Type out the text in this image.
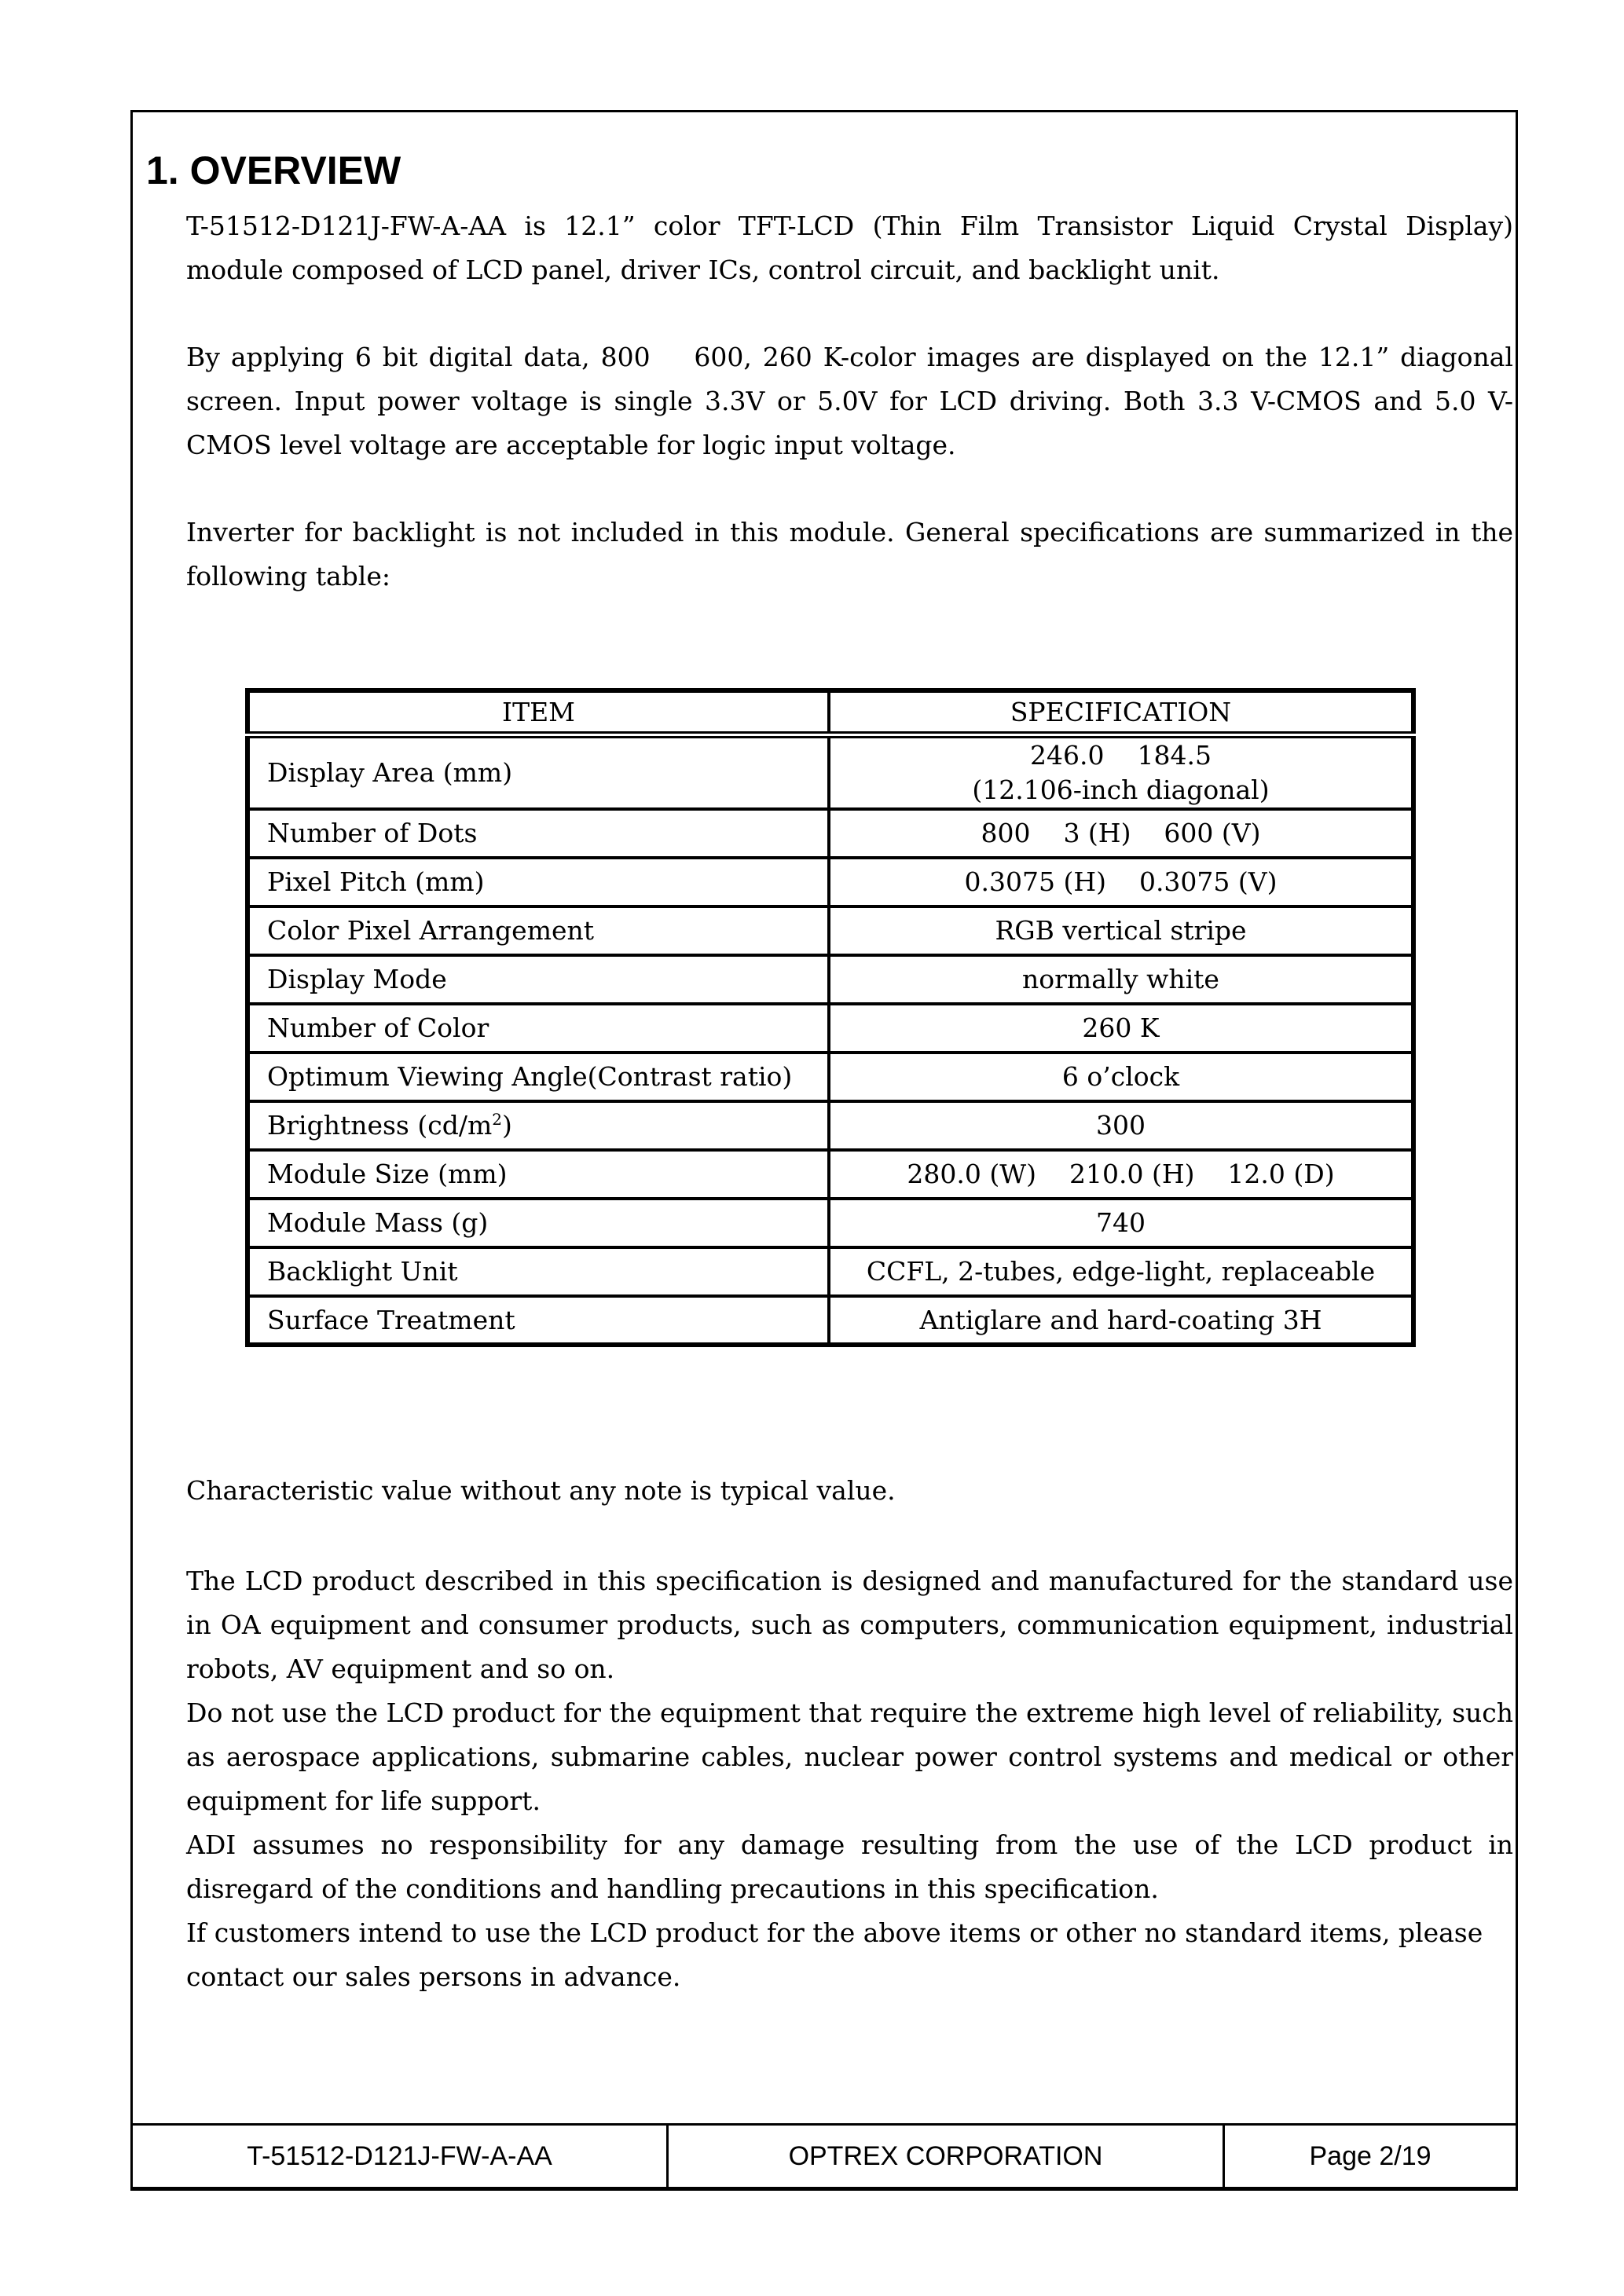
1. OVERVIEW

T-51512-D121J-FW-A-AA is 12.1” color TFT-LCD (Thin Film Transistor Liquid Crystal Display) module composed of LCD panel, driver ICs, control circuit, and backlight unit.

By applying 6 bit digital data, 800    600, 260 K-color images are displayed on the 12.1” diagonal screen. Input power voltage is single 3.3V or 5.0V for LCD driving. Both 3.3 V-CMOS and 5.0 V-CMOS level voltage are acceptable for logic input voltage.

Inverter for backlight is not included in this module. General specifications are summarized in the following table:

ITEM	SPECIFICATION
Display Area (mm)	246.0    184.5
(12.106-inch diagonal)
Number of Dots	800    3 (H)    600 (V)
Pixel Pitch (mm)	0.3075 (H)    0.3075 (V)
Color Pixel Arrangement	RGB vertical stripe
Display Mode	normally white
Number of Color	260 K
Optimum Viewing Angle(Contrast ratio)	6 o’clock
Brightness $(cd/m^2)$	300
Module Size (mm)	280.0 (W)    210.0 (H)    12.0 (D)
Module Mass (g)	740
Backlight Unit	CCFL, 2-tubes, edge-light, replaceable
Surface Treatment	Antiglare and hard-coating 3H

Characteristic value without any note is typical value.

The LCD product described in this specification is designed and manufactured for the standard use in OA equipment and consumer products, such as computers, communication equipment, industrial robots, AV equipment and so on.
Do not use the LCD product for the equipment that require the extreme high level of reliability, such as aerospace applications, submarine cables, nuclear power control systems and medical or other equipment for life support.
ADI assumes no responsibility for any damage resulting from the use of the LCD product in disregard of the conditions and handling precautions in this specification.
If customers intend to use the LCD product for the above items or other no standard items, please contact our sales persons in advance.
T-51512-D121J-FW-A-AA	OPTREX CORPORATION	Page 2/19
